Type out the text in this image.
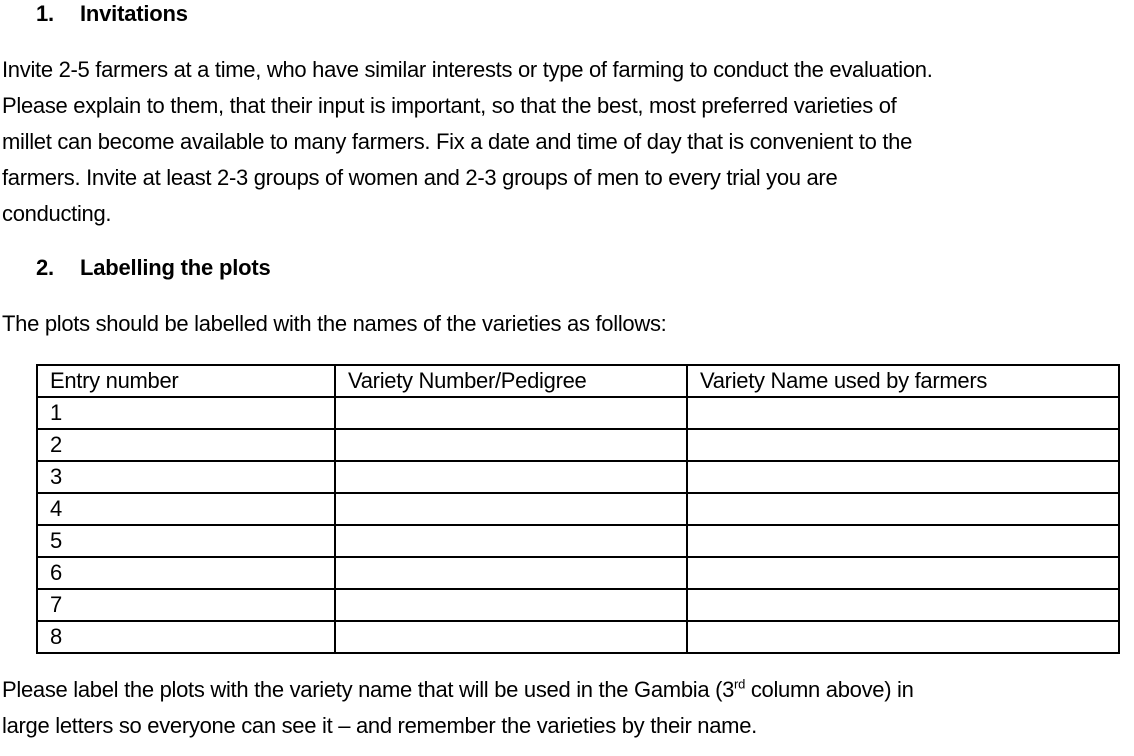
1. Invitations

Invite 2-5 farmers at a time, who have similar interests or type of farming to conduct the evaluation.
Please explain to them, that their input is important, so that the best, most preferred varieties of
millet can become available to many farmers. Fix a date and time of day that is convenient to the
farmers. Invite at least 2-3 groups of women and 2-3 groups of men to every trial you are
conducting.

2. Labelling the plots

The plots should be labelled with the names of the varieties as follows:

Entry number	Variety Number/Pedigree	Variety Name used by farmers
1		
2		
3		
4		
5		
6		
7		
8		

Please label the plots with the variety name that will be used in the Gambia (3rd column above) in
large letters so everyone can see it – and remember the varieties by their name.
